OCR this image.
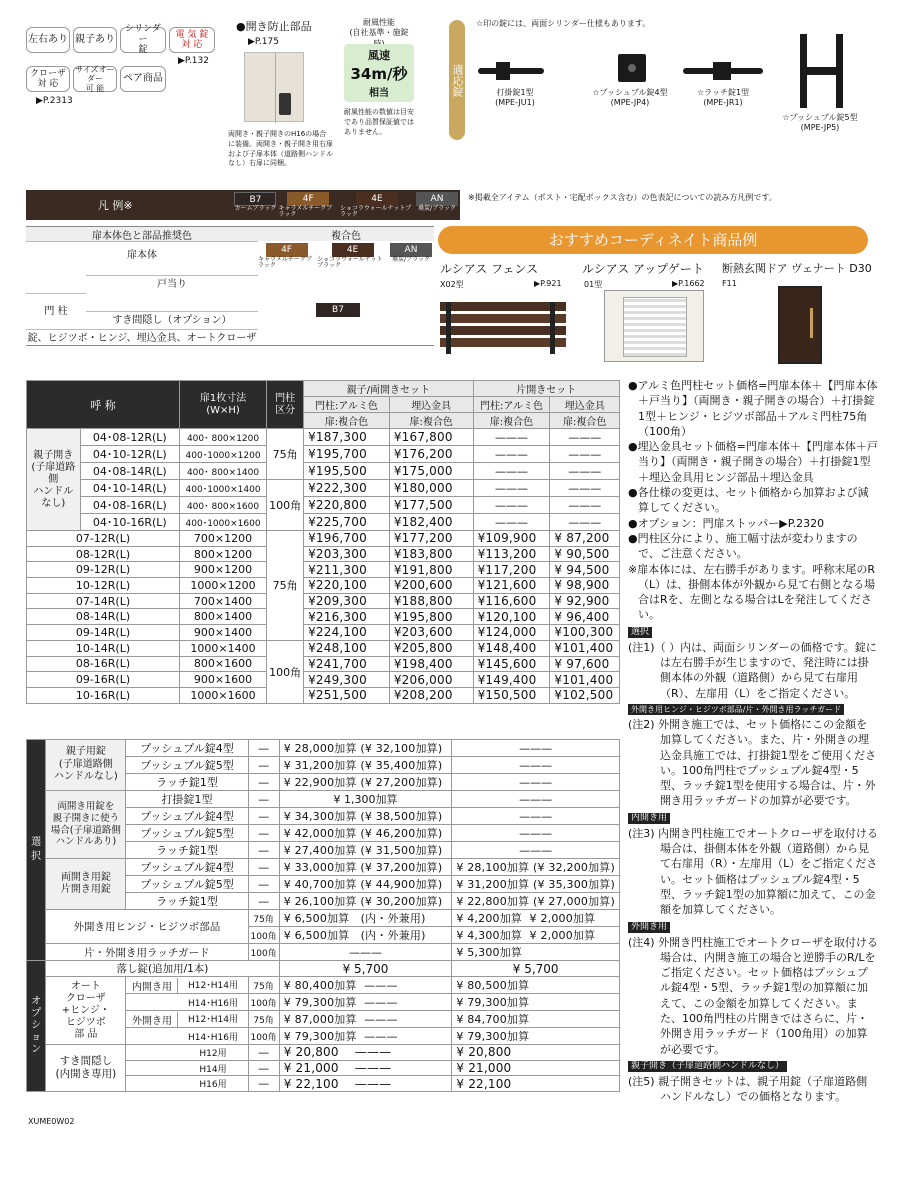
左右あり 親子あり
シリンダー
錠
電 気 錠
対 応
▶P.132
クローザ
対 応
サイズオーダー
可 能
ペア商品
▶P.2313
●開き防止部品
▶P.175
両開き・親子開きのH16の場合に装備。両開き・親子開き用右扉および子扉本体（道路側ハンドルなし）右扉に同梱。
耐風性能
(自社基準・施錠
風速
34m/秒
相当
耐風性能の数値は目安であり品質保証値ではありません。
適応錠
☆印の錠には、両面シリンダー仕様もあります。
打掛錠1型
(MPE-JU1)
☆プッシュプル錠4型
(MPE-JP4)
☆ラッチ錠1型
(MPE-JR1)
☆プッシュプル錠5型
(MPE-JP5)
凡 例※	B7
カームブラック
4F
キャラメルチークブラック
4E
ショコラウォールナットブラック
AN
桑炭/ブラック
※掲載全アイテム（ポスト・宅配ボックス含む）の色表記についての読み方凡例です。
扉本体色と部品推奨色	複合色
扉本体	4F
キャラメルチークブラック
4E
ショコラウォールナットブラック
AN
桑炭/ブラック
戸当り
門 柱
すき間隠し（オプション）
B7
錠、ヒジツボ・ヒンジ、埋込金具、オートクローザ
おすすめコーディネイト商品例
ルシアス フェンス
X02型	▶P.921
ルシアス アップゲート
01型	▶P.1662
断熱玄関ドア ヴェナート D30
F11
呼 称		扉1枚寸法
(W×H)	門柱
区分	親子/両開きセット		片開きセット	
				門柱:アルミ色	埋込金具	門柱:アルミ色	埋込金具
				扉:複合色	扉:複合色	扉:複合色	扉:複合色
親子開き
(子扉道路側
ハンドルなし)	04･08-12R(L)	400･ 800×1200	75角	¥187,300	¥167,800	———	———
	04･10-12R(L)	400･1000×1200		¥195,700	¥176,200	———	———
	04･08-14R(L)	400･ 800×1400		¥195,500	¥175,000	———	———
	04･10-14R(L)	400･1000×1400	100角	¥222,300	¥180,000	———	———
	04･08-16R(L)	400･ 800×1600		¥220,800	¥177,500	———	———
	04･10-16R(L)	400･1000×1600		¥225,700	¥182,400	———	———
07-12R(L)		700×1200	75角	¥196,700	¥177,200	¥109,900	¥ 87,200
08-12R(L)		800×1200		¥203,300	¥183,800	¥113,200	¥ 90,500
09-12R(L)		900×1200		¥211,300	¥191,800	¥117,200	¥ 94,500
10-12R(L)		1000×1200		¥220,100	¥200,600	¥121,600	¥ 98,900
07-14R(L)		700×1400		¥209,300	¥188,800	¥116,600	¥ 92,900
08-14R(L)		800×1400		¥216,300	¥195,800	¥120,100	¥ 96,400
09-14R(L)		900×1400		¥224,100	¥203,600	¥124,000	¥100,300
10-14R(L)		1000×1400	100角	¥248,100	¥205,800	¥148,400	¥101,400
08-16R(L)		800×1600		¥241,700	¥198,400	¥145,600	¥ 97,600
09-16R(L)		900×1600		¥249,300	¥206,000	¥149,400	¥101,400
10-16R(L)		1000×1600		¥251,500	¥208,200	¥150,500	¥102,500
選
択	親子用錠
(子扉道路側
ハンドルなし)	プッシュプル錠4型	—	¥ 28,000加算 (¥ 32,100加算)	———
		プッシュプル錠5型	—	¥ 31,200加算 (¥ 35,400加算)	———
		ラッチ錠1型	—	¥ 22,900加算 (¥ 27,200加算)	———
	両開き用錠を
親子開きに使う
場合(子扉道路側
ハンドルあり)	打掛錠1型	—	¥ 1,300加算	———
		プッシュプル錠4型	—	¥ 34,300加算 (¥ 38,500加算)	———
		プッシュプル錠5型	—	¥ 42,000加算 (¥ 46,200加算)	———
		ラッチ錠1型	—	¥ 27,400加算 (¥ 31,500加算)	———
	両開き用錠
片開き用錠	プッシュプル錠4型	—	¥ 33,000加算 (¥ 37,200加算)	¥ 28,100加算 (¥ 32,200加算)
		プッシュプル錠5型	—	¥ 40,700加算 (¥ 44,900加算)	¥ 31,200加算 (¥ 35,300加算)
		ラッチ錠1型	—	¥ 26,100加算 (¥ 30,200加算)	¥ 22,800加算 (¥ 27,000加算)
	外開き用ヒンジ・ヒジツボ部品		75角	¥ 6,500加算 (内・外兼用)	¥ 4,200加算 ¥ 2,000加算
			100角	¥ 6,500加算 (内・外兼用)	¥ 4,300加算 ¥ 2,000加算
	片・外開き用ラッチガード		100角	———	¥ 5,300加算
オ
プ
シ
ョ
ン	落し錠(追加用/1本)			¥ 5,700	¥ 5,700

オート
クローザ
+ヒンジ・
ヒジツボ
部 品	内開き用 H12･H14用	75角	¥ 80,400加算 ———	¥ 80,500加算
		H14･H16用	100角	¥ 79,300加算 ———	¥ 79,300加算

		外開き用 H12･H14用	75角	¥ 87,000加算 ———	¥ 84,700加算
		H14･H16用	100角	¥ 79,300加算 ———	¥ 79,300加算
	すき間隠し
(内開き専用)	H12用	—	¥ 20,800 ———	¥ 20,800
		H14用	—	¥ 21,000 ———	¥ 21,000
		H16用	—	¥ 22,100 ———	¥ 22,100
XUME0W02

●アルミ色門柱セット価格=門扉本体＋【門扉本体＋戸当り】（両開き・親子開きの場合）＋打掛錠1型＋ヒンジ・ヒジツボ部品＋アルミ門柱75角（100角）

●埋込金具セット価格=門扉本体＋【門扉本体＋戸当り】（両開き・親子開きの場合）＋打掛錠1型＋埋込金具用ヒンジ部品＋埋込金具

●各仕様の変更は、セット価格から加算および減算してください。

●オプション：門扉ストッパー▶P.2320

●門柱区分により、施工幅寸法が変わりますので、ご注意ください。

※扉本体には、左右勝手があります。呼称末尾のR（L）は、掛側本体が外観から見て右側となる場合はRを、左側となる場合はLを発注してください。

選択

(注1)（ ）内は、両面シリンダーの価格です。錠には左右勝手が生じますので、発注時には掛側本体の外観（道路側）から見て右扉用（R）、左扉用（L）をご指定ください。

外開き用ヒンジ・ヒジツボ部品/片・外開き用ラッチガード

(注2) 外開き施工では、セット価格にこの金額を加算してください。また、片・外開きの埋込金具施工では、打掛錠1型をご使用ください。100角門柱でプッシュプル錠4型・5型、ラッチ錠1型を使用する場合は、片・外開き用ラッチガードの加算が必要です。

内開き用

(注3) 内開き門柱施工でオートクローザを取付ける場合は、掛側本体を外観（道路側）から見て右扉用（R）・左扉用（L）をご指定ください。セット価格はプッシュプル錠4型・5型、ラッチ錠1型の加算額に加えて、この金額を加算してください。

外開き用

(注4) 外開き門柱施工でオートクローザを取付ける場合は、内開き施工の場合と逆勝手のR/Lをご指定ください。セット価格はプッシュプル錠4型・5型、ラッチ錠1型の加算額に加えて、この金額を加算してください。また、100角門柱の片開きではさらに、片・外開き用ラッチガード（100角用）の加算が必要です。

親子開き（子扉道路側ハンドルなし）

(注5) 親子開きセットは、親子用錠（子扉道路側ハンドルなし）での価格となります。
